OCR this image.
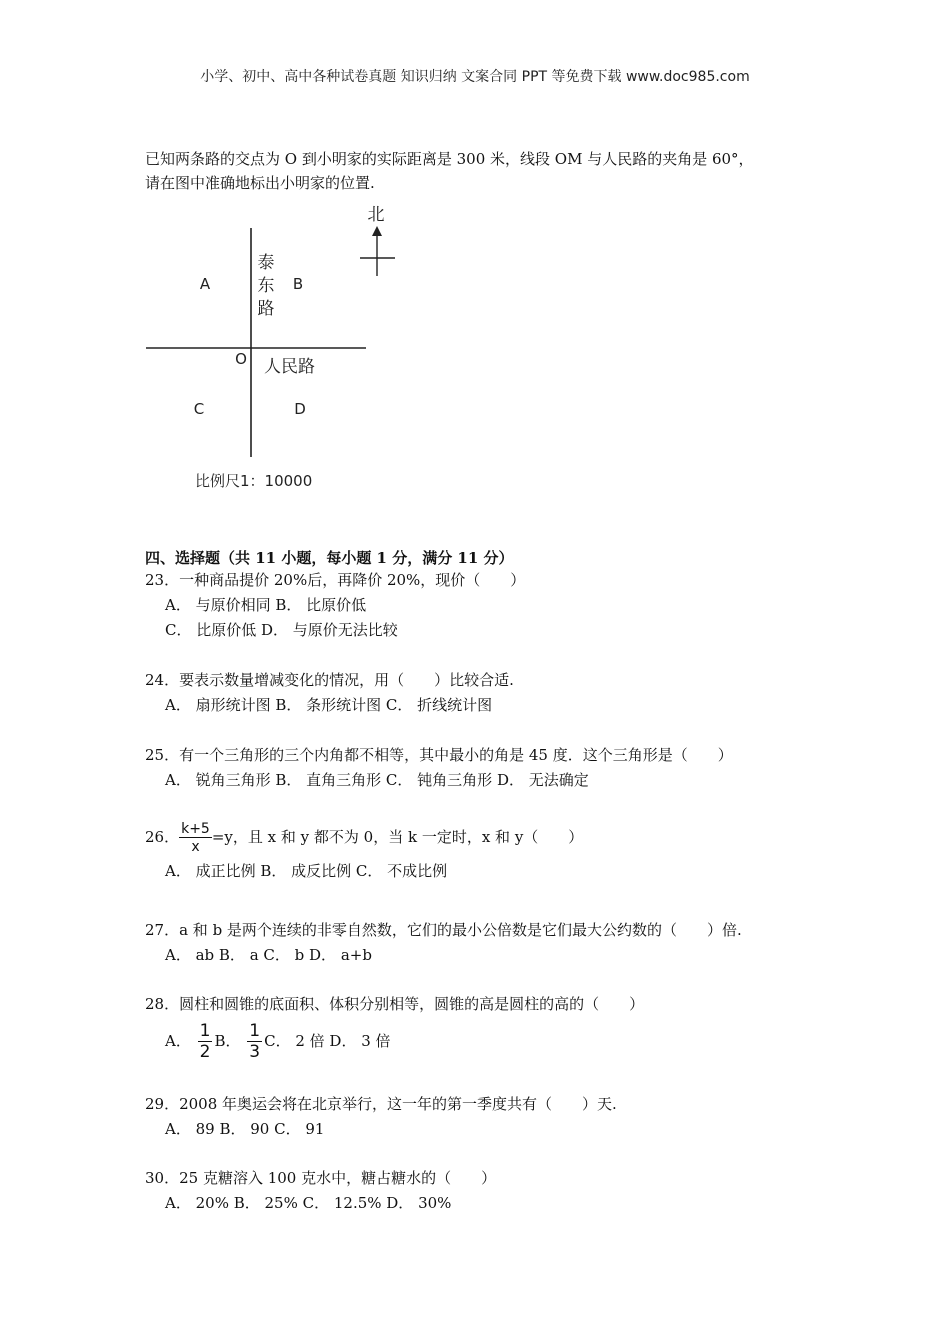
小学、初中、高中各种试卷真题 知识归纳 文案合同 PPT 等免费下载 www.doc985.com
已知两条路的交点为 O 到小明家的实际距离是 300 米，线段 OM 与人民路的夹角是 60°，
请在图中准确地标出小明家的位置.
北
泰
东
路
A	B
O 人民路
C	D
比例尺1：10000
四、选择题（共 11 小题，每小题 1 分，满分 11 分）
23．一种商品提价 20%后，再降价 20%，现价（　　）
A． 与原价相同 B． 比原价低
C． 比原价低 D． 与原价无法比较
24．要表示数量增减变化的情况，用（　　）比较合适.
A． 扇形统计图 B． 条形统计图 C． 折线统计图
25．有一个三角形的三个内角都不相等，其中最小的角是 45 度．这个三角形是（　　）
A． 锐角三角形 B． 直角三角形 C． 钝角三角形 D． 无法确定
26． $\frac{k+5}{x} =y$，且 x 和 y 都不为 0，当 k 一定时，x 和 y（　　）
A． 成正比例 B． 成反比例 C． 不成比例
27．a 和 b 是两个连续的非零自然数，它们的最小公倍数是它们最大公约数的（　　）倍.
A． ab B． a C． b D． a+b
28．圆柱和圆锥的底面积、体积分别相等，圆锥的高是圆柱的高的（　　）
A． $\frac{1}{2}$ B． $\frac{1}{3}$ C． 2 倍 D． 3 倍
29．2008 年奥运会将在北京举行，这一年的第一季度共有（　　）天.
A． 89 B． 90 C． 91
30．25 克糖溶入 100 克水中，糖占糖水的（　　）
A． 20% B． 25% C． 12.5% D． 30%
